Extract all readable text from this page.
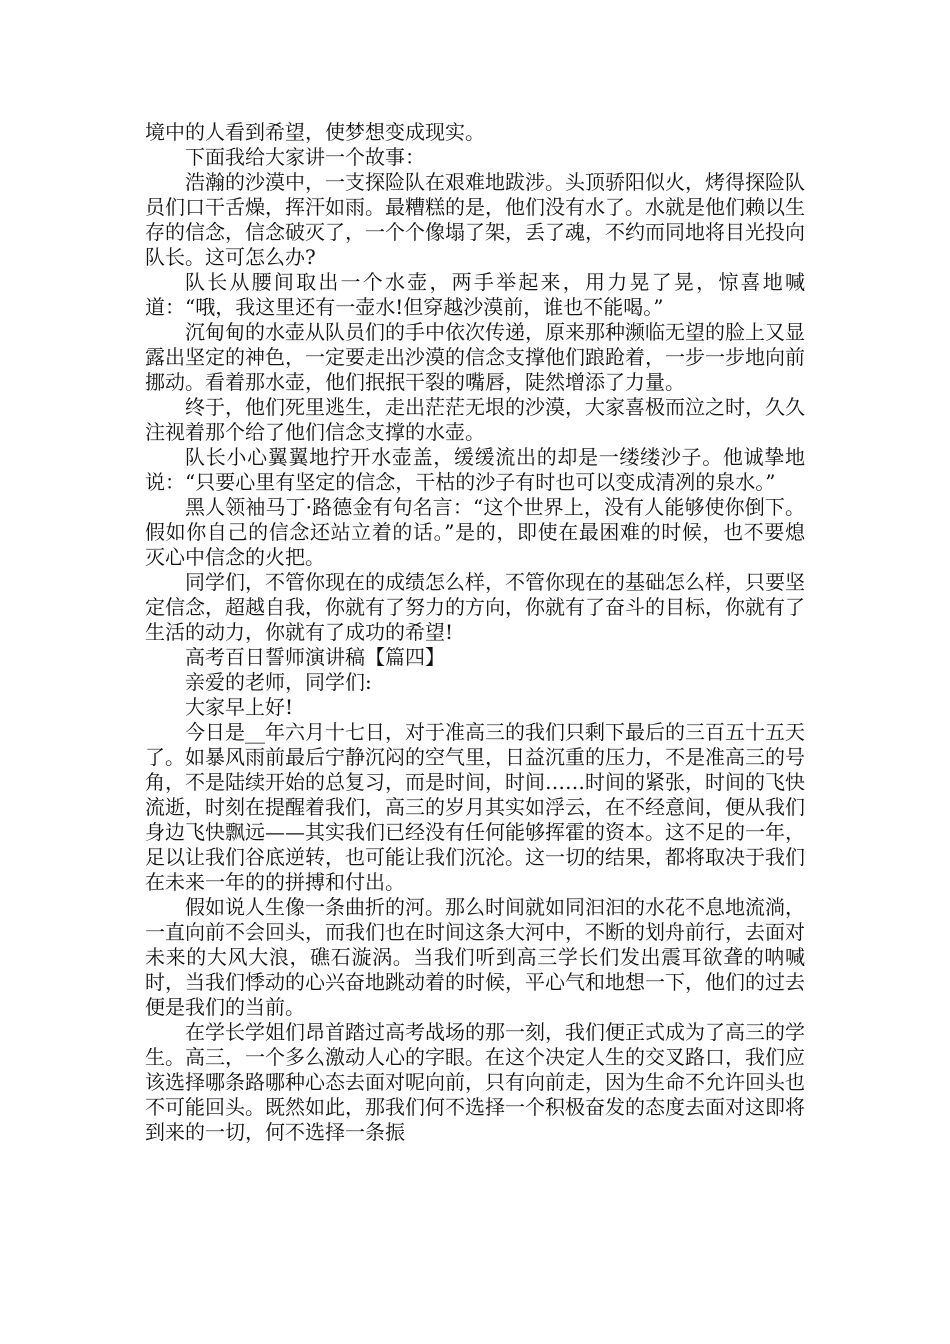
境中的人看到希望，使梦想变成现实。

下面我给大家讲一个故事：

浩瀚的沙漠中，一支探险队在艰难地跋涉。头顶骄阳似火，烤得探险队员们口干舌燥，挥汗如雨。最糟糕的是，他们没有水了。水就是他们赖以生存的信念，信念破灭了，一个个像塌了架，丢了魂，不约而同地将目光投向队长。这可怎么办?

队长从腰间取出一个水壶，两手举起来，用力晃了晃，惊喜地喊道：“哦，我这里还有一壶水!但穿越沙漠前，谁也不能喝。”

沉甸甸的水壶从队员们的手中依次传递，原来那种濒临无望的脸上又显露出坚定的神色，一定要走出沙漠的信念支撑他们踉跄着，一步一步地向前挪动。看着那水壶，他们抿抿干裂的嘴唇，陡然增添了力量。

终于，他们死里逃生，走出茫茫无垠的沙漠，大家喜极而泣之时，久久注视着那个给了他们信念支撑的水壶。

队长小心翼翼地拧开水壶盖，缓缓流出的却是一缕缕沙子。他诚挚地说：“只要心里有坚定的信念，干枯的沙子有时也可以变成清冽的泉水。”

黑人领袖马丁·路德金有句名言：“这个世界上，没有人能够使你倒下。假如你自己的信念还站立着的话。”是的，即使在最困难的时候，也不要熄灭心中信念的火把。

同学们，不管你现在的成绩怎么样，不管你现在的基础怎么样，只要坚定信念，超越自我，你就有了努力的方向，你就有了奋斗的目标，你就有了生活的动力，你就有了成功的希望!

高考百日誓师演讲稿【篇四】

亲爱的老师，同学们:

大家早上好!

今日是__年六月十七日，对于准高三的我们只剩下最后的三百五十五天了。如暴风雨前最后宁静沉闷的空气里，日益沉重的压力，不是准高三的号角，不是陆续开始的总复习，而是时间，时间……时间的紧张，时间的飞快流逝，时刻在提醒着我们，高三的岁月其实如浮云，在不经意间，便从我们身边飞快飘远——其实我们已经没有任何能够挥霍的资本。这不足的一年，足以让我们谷底逆转，也可能让我们沉沦。这一切的结果，都将取决于我们在未来一年的的拼搏和付出。

假如说人生像一条曲折的河。那么时间就如同汩汩的水花不息地流淌，一直向前不会回头，而我们也在时间这条大河中，不断的划舟前行，去面对未来的大风大浪，礁石漩涡。当我们听到高三学长们发出震耳欲聋的呐喊时，当我们悸动的心兴奋地跳动着的时候，平心气和地想一下，他们的过去便是我们的当前。

在学长学姐们昂首踏过高考战场的那一刻，我们便正式成为了高三的学生。高三，一个多么激动人心的字眼。在这个决定人生的交叉路口，我们应该选择哪条路哪种心态去面对呢向前，只有向前走，因为生命不允许回头也不可能回头。既然如此，那我们何不选择一个积极奋发的态度去面对这即将到来的一切，何不选择一条振
